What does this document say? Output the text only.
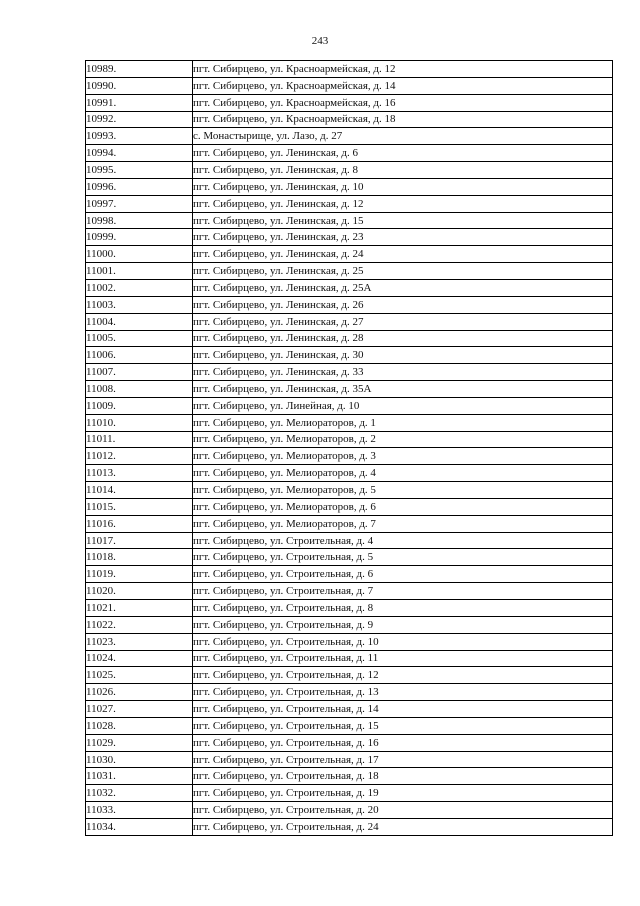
243
10989.	пгт. Сибирцево, ул. Красноармейская, д. 12
10990.	пгт. Сибирцево, ул. Красноармейская, д. 14
10991.	пгт. Сибирцево, ул. Красноармейская, д. 16
10992.	пгт. Сибирцево, ул. Красноармейская, д. 18
10993.	с. Монастырище, ул. Лазо, д. 27
10994.	пгт. Сибирцево, ул. Ленинская, д. 6
10995.	пгт. Сибирцево, ул. Ленинская, д. 8
10996.	пгт. Сибирцево, ул. Ленинская, д. 10
10997.	пгт. Сибирцево, ул. Ленинская, д. 12
10998.	пгт. Сибирцево, ул. Ленинская, д. 15
10999.	пгт. Сибирцево, ул. Ленинская, д. 23
11000.	пгт. Сибирцево, ул. Ленинская, д. 24
11001.	пгт. Сибирцево, ул. Ленинская, д. 25
11002.	пгт. Сибирцево, ул. Ленинская, д. 25А
11003.	пгт. Сибирцево, ул. Ленинская, д. 26
11004.	пгт. Сибирцево, ул. Ленинская, д. 27
11005.	пгт. Сибирцево, ул. Ленинская, д. 28
11006.	пгт. Сибирцево, ул. Ленинская, д. 30
11007.	пгт. Сибирцево, ул. Ленинская, д. 33
11008.	пгт. Сибирцево, ул. Ленинская, д. 35А
11009.	пгт. Сибирцево, ул. Линейная, д. 10
11010.	пгт. Сибирцево, ул. Мелиораторов, д. 1
11011.	пгт. Сибирцево, ул. Мелиораторов, д. 2
11012.	пгт. Сибирцево, ул. Мелиораторов, д. 3
11013.	пгт. Сибирцево, ул. Мелиораторов, д. 4
11014.	пгт. Сибирцево, ул. Мелиораторов, д. 5
11015.	пгт. Сибирцево, ул. Мелиораторов, д. 6
11016.	пгт. Сибирцево, ул. Мелиораторов, д. 7
11017.	пгт. Сибирцево, ул. Строительная, д. 4
11018.	пгт. Сибирцево, ул. Строительная, д. 5
11019.	пгт. Сибирцево, ул. Строительная, д. 6
11020.	пгт. Сибирцево, ул. Строительная, д. 7
11021.	пгт. Сибирцево, ул. Строительная, д. 8
11022.	пгт. Сибирцево, ул. Строительная, д. 9
11023.	пгт. Сибирцево, ул. Строительная, д. 10
11024.	пгт. Сибирцево, ул. Строительная, д. 11
11025.	пгт. Сибирцево, ул. Строительная, д. 12
11026.	пгт. Сибирцево, ул. Строительная, д. 13
11027.	пгт. Сибирцево, ул. Строительная, д. 14
11028.	пгт. Сибирцево, ул. Строительная, д. 15
11029.	пгт. Сибирцево, ул. Строительная, д. 16
11030.	пгт. Сибирцево, ул. Строительная, д. 17
11031.	пгт. Сибирцево, ул. Строительная, д. 18
11032.	пгт. Сибирцево, ул. Строительная, д. 19
11033.	пгт. Сибирцево, ул. Строительная, д. 20
11034.	пгт. Сибирцево, ул. Строительная, д. 24
